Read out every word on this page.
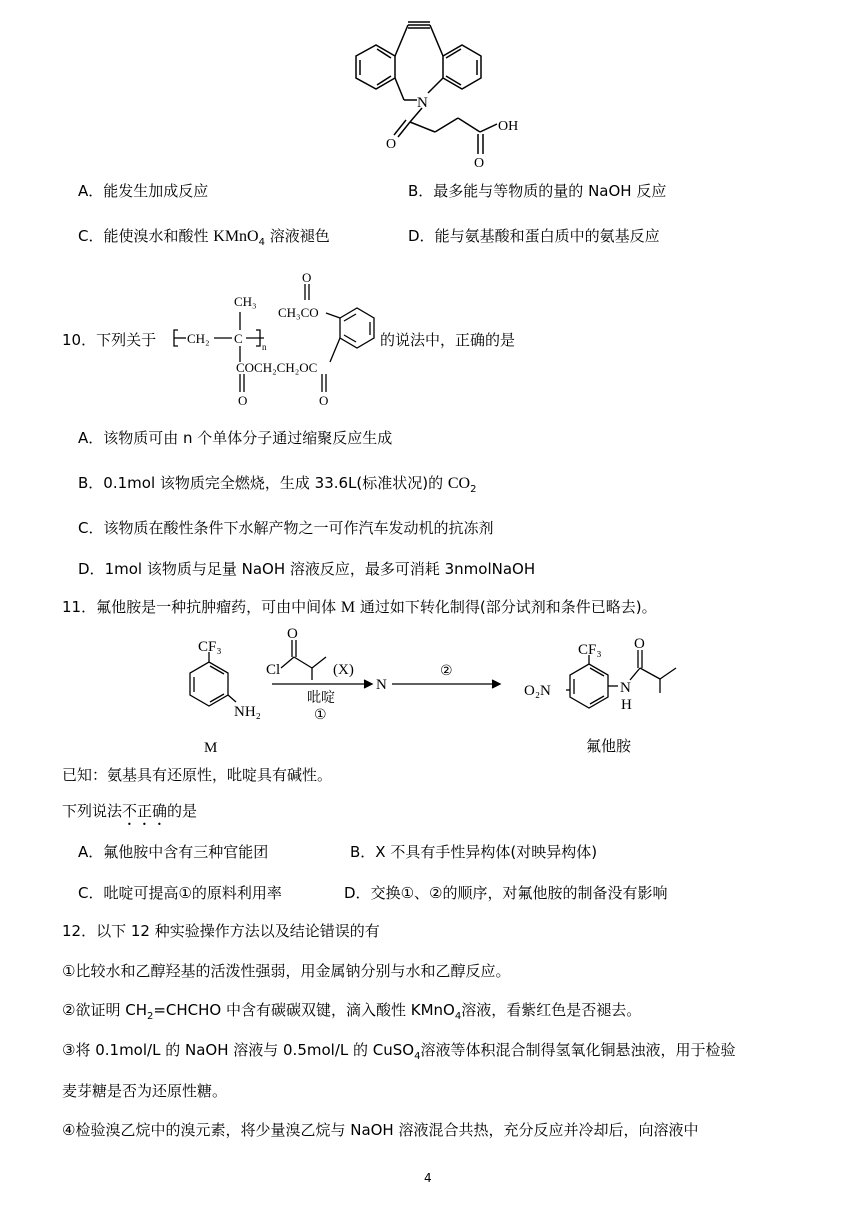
N
O
O
OH
A．能发生加成反应	B．最多能与等物质的量的 NaOH 反应
C．能使溴水和酸性 KMnO$_4$ 溶液褪色	D．能与氨基酸和蛋白质中的氨基反应
10．下列关于	的说法中，正确的是
CH₃
O
CH₃CO
CH₂ C
n
COCH₂CH₂OC
O	O
A．该物质可由 n 个单体分子通过缩聚反应生成
B．0.1mol 该物质完全燃烧，生成 33.6L(标准状况)的 $CO_2$
C．该物质在酸性条件下水解产物之一可作汽车发动机的抗冻剂
D．1mol 该物质与足量 NaOH 溶液反应，最多可消耗 3nmolNaOH
11．氟他胺是一种抗肿瘤药，可由中间体 M 通过如下转化制得(部分试剂和条件已略去)。
CF₃
NH₂
M
O
Cl	(X)
吡啶
①
N
②
CF₃
O₂N
O
N
H
氟他胺
已知：氨基具有还原性，吡啶具有碱性。
下列说法不正确的是
A．氟他胺中含有三种官能团	B．X 不具有手性异构体(对映异构体)
C．吡啶可提高①的原料利用率	D．交换①、②的顺序，对氟他胺的制备没有影响
12．以下 12 种实验操作方法以及结论错误的有
①比较水和乙醇羟基的活泼性强弱，用金属钠分别与水和乙醇反应。
②欲证明 $CH_2=CHCHO$ 中含有碳碳双键，滴入酸性 KMnO$_4$溶液，看紫红色是否褪去。
③将 0.1mol/L 的 NaOH 溶液与 0.5mol/L 的 CuSO$_4$溶液等体积混合制得氢氧化铜悬浊液，用于检验
麦芽糖是否为还原性糖。
④检验溴乙烷中的溴元素，将少量溴乙烷与 NaOH 溶液混合共热，充分反应并冷却后，向溶液中
4
